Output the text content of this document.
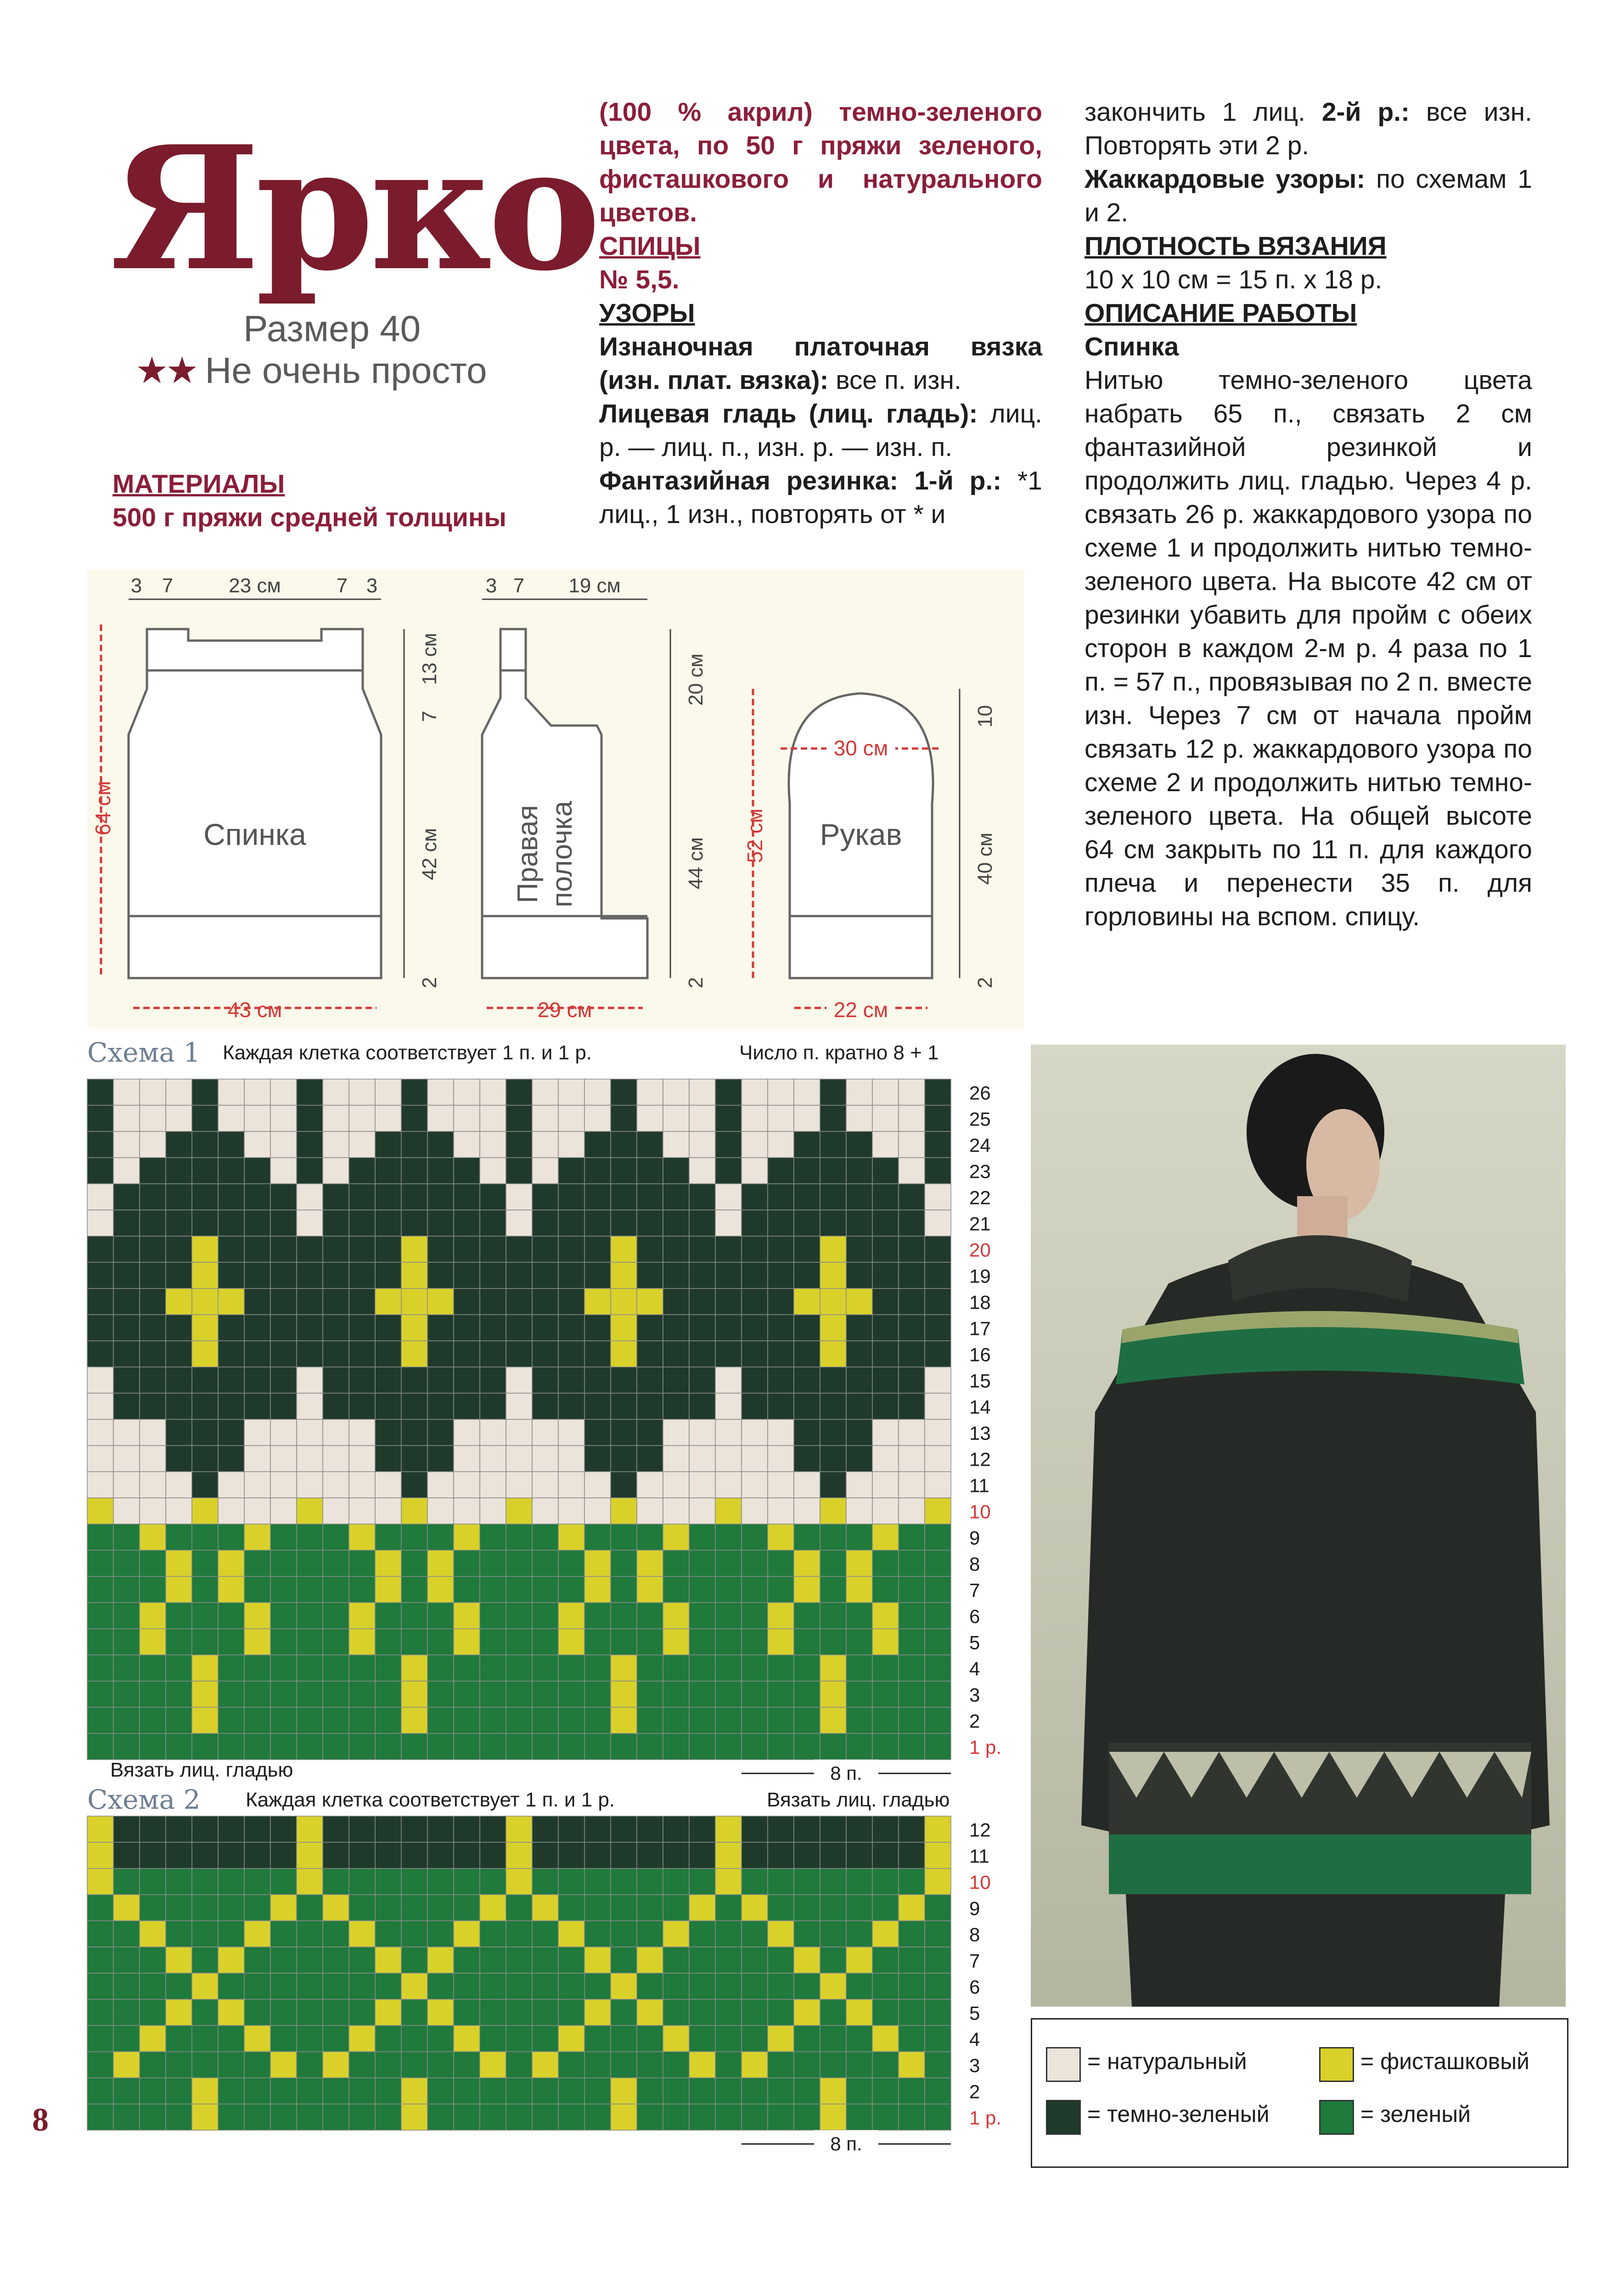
Ярко
Размер 40
★★ Не очень просто

МАТЕРИАЛЫ

500 г пряжи средней толщины

(100 % акрил) темно-зеленого цвета, по 50 г пряжи зеленого, фисташкового и натурального цветов.

СПИЦЫ

№ 5,5.

УЗОРЫ

Изнаночная платочная вязка (изн. плат. вязка): все п. изн.

Лицевая гладь (лиц. гладь): лиц. р. — лиц. п., изн. р. — изн. п.

Фантазийная резинка: 1-й р.: *1 лиц., 1 изн., повторять от * и

закончить 1 лиц. 2-й р.: все изн. Повторять эти 2 р.

Жаккардовые узоры: по схемам 1 и 2.

ПЛОТНОСТЬ ВЯЗАНИЯ

10 х 10 см = 15 п. х 18 р.

ОПИСАНИЕ РАБОТЫ

Спинка

Нитью темно-зеленого цвета набрать 65 п., связать 2 см фантазийной резинкой и продолжить лиц. гладью. Через 4 р. связать 26 р. жаккардового узора по схеме 1 и продолжить нитью темно-зеленого цвета. На высоте 42 см от резинки убавить для пройм с обеих сторон в каждом 2-м р. 4 раза по 1 п. = 57 п., провязывая по 2 п. вместе изн. Через 7 см от начала пройм связать 12 р. жаккардового узора по схеме 2 и продолжить нитью темно-зеленого цвета. На общей высоте 64 см закрыть по 11 п. для каждого плеча и перенести 35 п. для горловины на вспом. спицу.

Спинка
3 7	23 см	7 3
43 см
64 см
13 см
7
42 см
2
Правая полочка
3 7 19 см
29 см
20 см
44 см
2
Рукав
30 см
22 см
52 см
10
40 см
2
Схема 1 Каждая клетка соответствует 1 п. и 1 р.	Число п. кратно 8 + 1
26
25
24
23
22
21
20
19
18
17
16
15
14
13
12
11
10
9
8
7
6
5
4
3
2
1 р.
8 п.
Вязать лиц. гладью
Схема 2 Каждая клетка соответствует 1 п. и 1 р.	Вязать лиц. гладью
12
11
10
9
8
7
6
5
4
3
2
1 р.
8 п.
= натуральный	= фисташковый
= темно-зеленый	= зеленый
8
